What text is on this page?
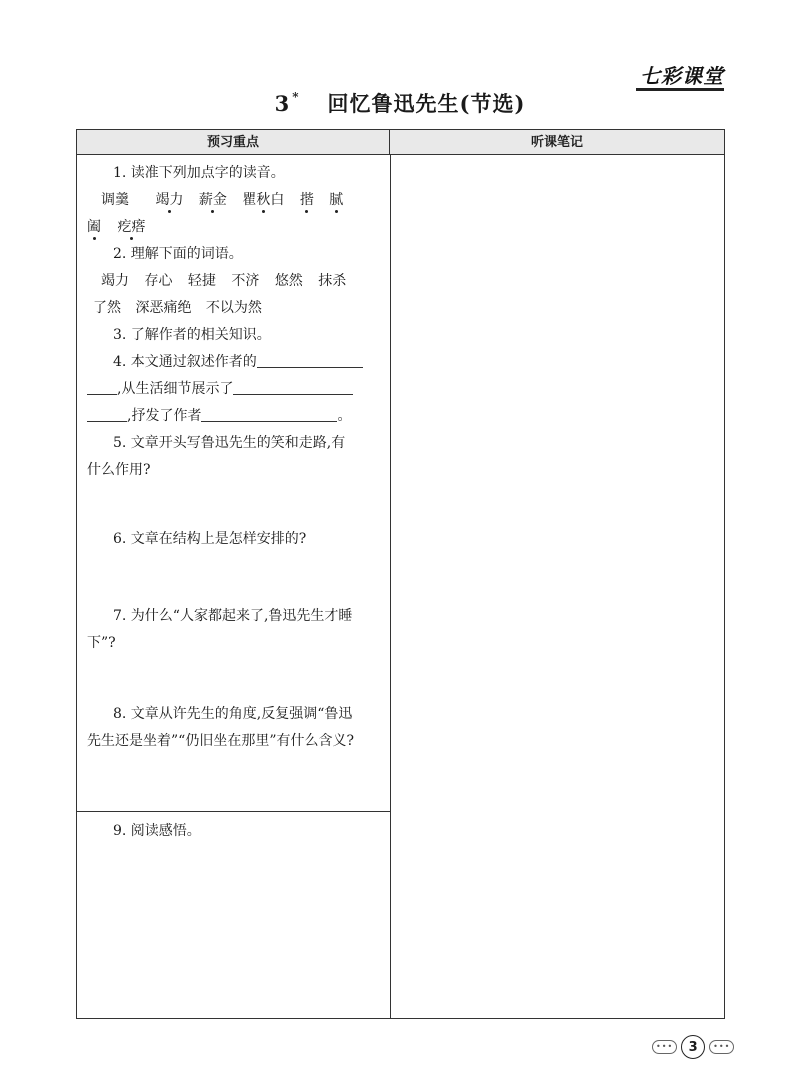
七彩课堂
3 * 回忆鲁迅先生(节选)
预习重点	听课笔记

1. 读准下列加点字的读音。

调羹 竭力 薪金 瞿秋白 揩 腻

阖 疙瘩

2. 理解下面的词语。

竭力 存心 轻捷 不济 悠然 抹杀

了然 深恶痛绝 不以为然

3. 了解作者的相关知识。

4. 本文通过叙述作者的

,从生活细节展示了

,抒发了作者	。

5. 文章开头写鲁迅先生的笑和走路,有

什么作用?

6. 文章在结构上是怎样安排的?

7. 为什么“人家都起来了,鲁迅先生才睡

下”?

8. 文章从许先生的角度,反复强调“鲁迅

先生还是坐着”“仍旧坐在那里”有什么含义?

9. 阅读感悟。

•••	3	•••
